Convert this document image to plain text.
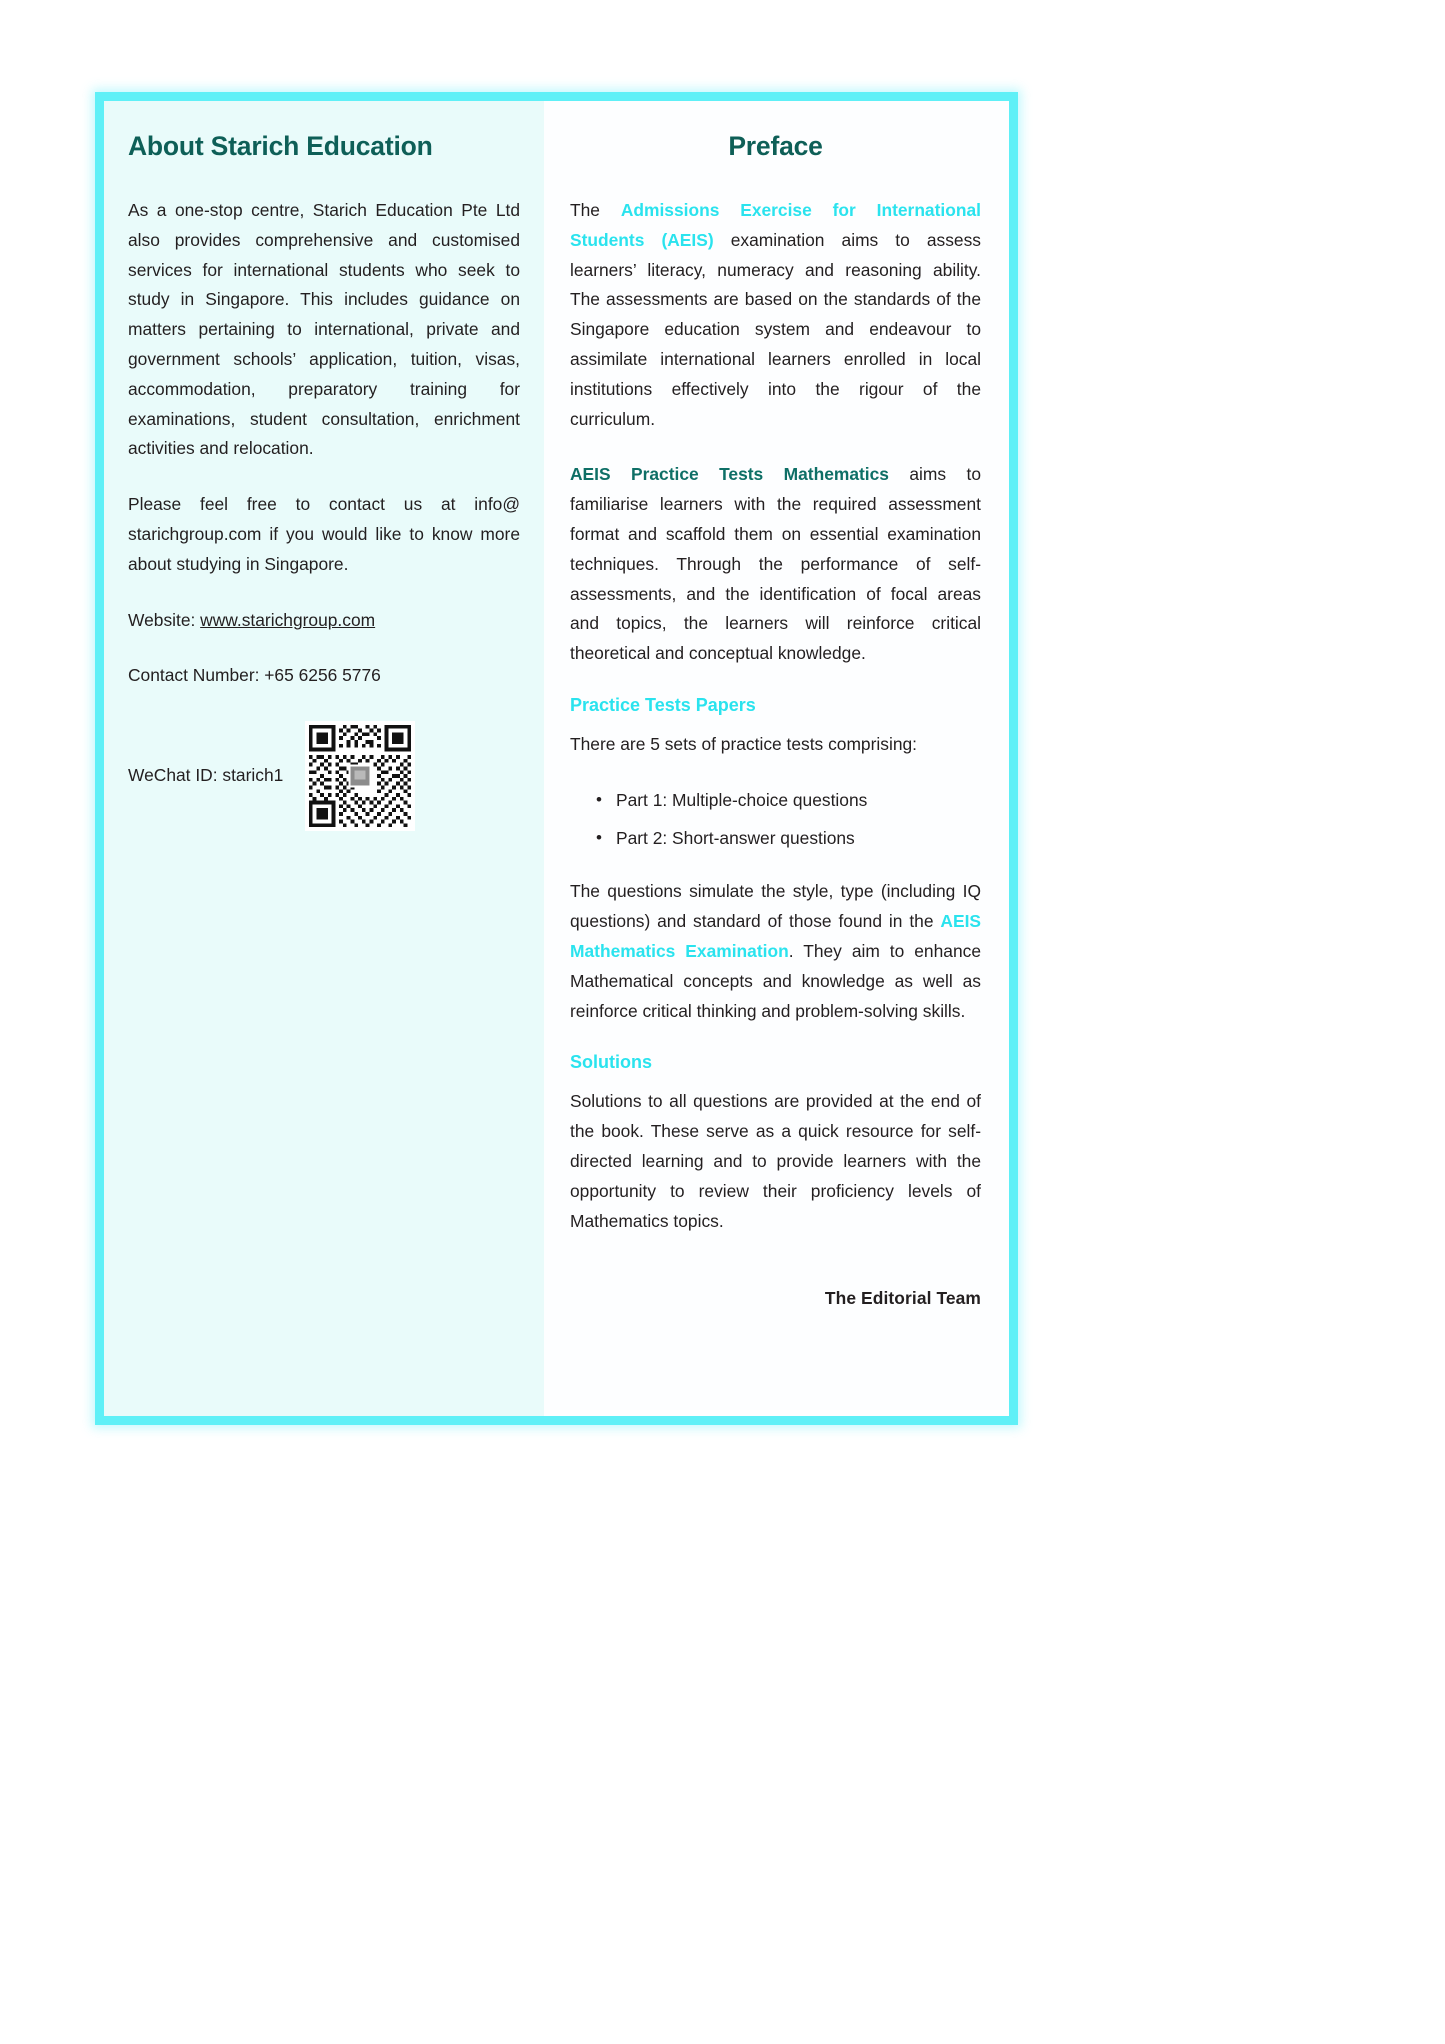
About Starich Education

As a one-stop centre, Starich Education Pte Ltd also provides comprehensive and customised services for international students who seek to study in Singapore. This includes guidance on matters pertaining to international, private and government schools’ application, tuition, visas, accommodation, preparatory training for examinations, student consultation, enrichment activities and relocation.

Please feel free to contact us at info@ starichgroup.com if you would like to know more about studying in Singapore.

Website: www.starichgroup.com

Contact Number: +65 6256 5776

WeChat ID: starich1
Preface

The Admissions Exercise for International Students (AEIS) examination aims to assess learners’ literacy, numeracy and reasoning ability. The assessments are based on the standards of the Singapore education system and endeavour to assimilate international learners enrolled in local institutions effectively into the rigour of the curriculum.

AEIS Practice Tests Mathematics aims to familiarise learners with the required assessment format and scaffold them on essential examination techniques. Through the performance of self-assessments, and the identification of focal areas and topics, the learners will reinforce critical theoretical and conceptual knowledge.

Practice Tests Papers

There are 5 sets of practice tests comprising:

• Part 1: Multiple-choice questions
• Part 2: Short-answer questions

The questions simulate the style, type (including IQ questions) and standard of those found in the AEIS Mathematics Examination. They aim to enhance Mathematical concepts and knowledge as well as reinforce critical thinking and problem-solving skills.

Solutions

Solutions to all questions are provided at the end of the book. These serve as a quick resource for self-directed learning and to provide learners with the opportunity to review their proficiency levels of Mathematics topics.

The Editorial Team
